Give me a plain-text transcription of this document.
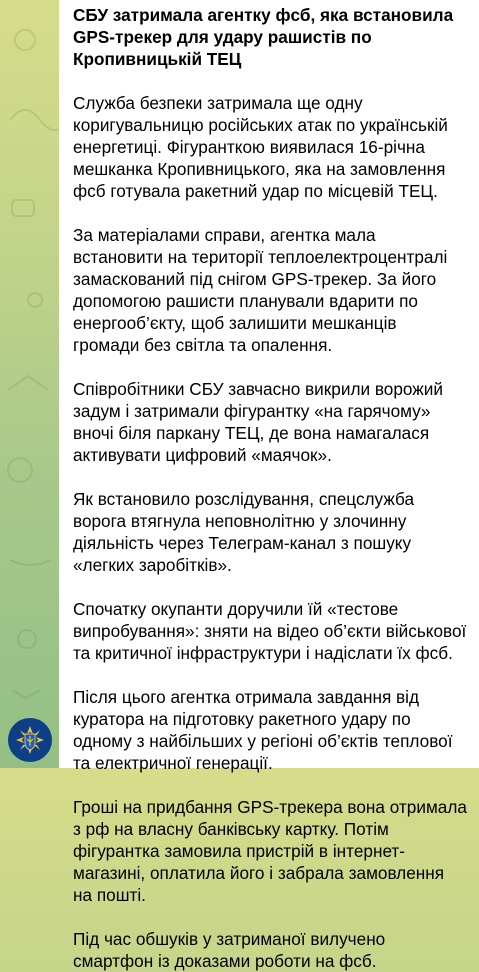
СБУ затримала агентку фсб, яка встановила GPS-трекер для удару рашистів по Кропивницькій ТЕЦ
Служба безпеки затримала ще одну коригувальницю російських атак по українській енергетиці. Фігуранткою виявилася 16-річна мешканка Кропивницького, яка на замовлення фсб готувала ракетний удар по місцевій ТЕЦ.
За матеріалами справи, агентка мала встановити на території теплоелектроцентралі замаскований під снігом GPS-трекер. За його допомогою рашисти планували вдарити по енергооб’єкту, щоб залишити мешканців громади без світла та опалення.
Співробітники СБУ завчасно викрили ворожий задум і затримали фігурантку «на гарячому» вночі біля паркану ТЕЦ, де вона намагалася активувати цифровий «маячок».
Як встановило розслідування, спецслужба ворога втягнула неповнолітню у злочинну діяльність через Телеграм-канал з пошуку «легких заробітків».
Спочатку окупанти доручили їй «тестове випробування»: зняти на відео об’єкти військової та критичної інфраструктури і надіслати їх фсб.
Після цього агентка отримала завдання від куратора на підготовку ракетного удару по одному з найбільших у регіоні об’єктів теплової та електричної генерації.
Гроші на придбання GPS-трекера вона отримала з рф на власну банківську картку. Потім фігурантка замовила пристрій в інтернет-магазині, оплатила його і забрала замовлення на пошті.
Під час обшуків у затриманої вилучено смартфон із доказами роботи на фсб.
